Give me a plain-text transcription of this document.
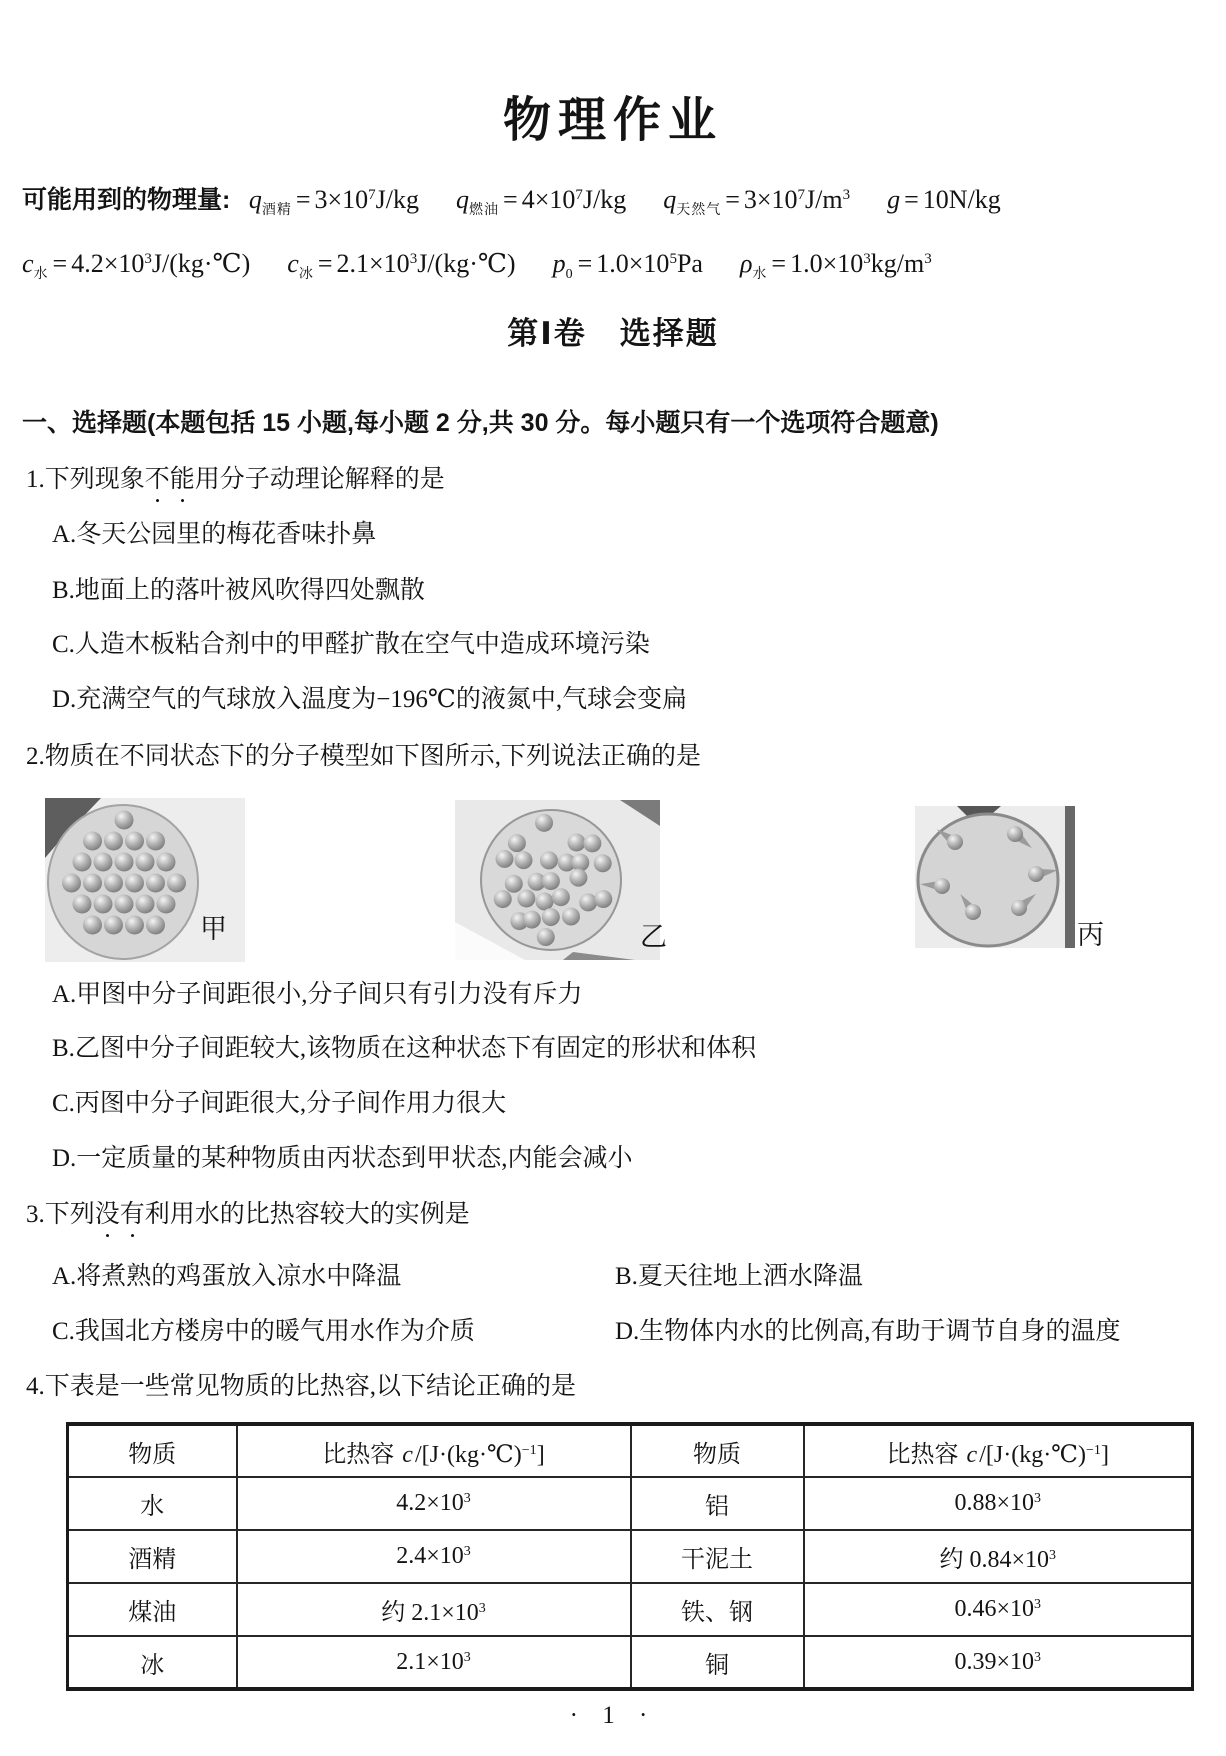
物理作业
可能用到的物理量: $q_{酒精} = 3\times 10^7J/kg$ $q_{燃油} = 4\times 10^7J/kg$ $q_{天然气} = 3\times 10^7J/m^3$ g = 10N/kg
$c_水$ = $4.2\times 10^3J/(kg\cdot℃) c_冰$ = $2.1\times 10^3J/(kg\cdot℃) p_0 = 1.0\times 10^5Pa$ $\rho_水 = 1.0\times 10^3kg/m^3$
第Ⅰ卷　选择题
一、选择题(本题包括 15 小题,每小题 2 分,共 30 分。每小题只有一个选项符合题意)
1.下列现象不能用分子动理论解释的是
2.物质在不同状态下的分子模型如下图所示,下列说法正确的是
3.下列没有利用水的比热容较大的实例是
4.下表是一些常见物质的比热容,以下结论正确的是
· 1 ·
A.冬天公园里的梅花香味扑鼻
B.地面上的落叶被风吹得四处飘散
C.人造木板粘合剂中的甲醛扩散在空气中造成环境污染
D.充满空气的气球放入温度为−196℃的液氮中,气球会变扁
A.甲图中分子间距很小,分子间只有引力没有斥力
B.乙图中分子间距较大,该物质在这种状态下有固定的形状和体积
C.丙图中分子间距很大,分子间作用力很大
D.一定质量的某种物质由丙状态到甲状态,内能会减小
A.将煮熟的鸡蛋放入凉水中降温	B.夏天往地上洒水降温
C.我国北方楼房中的暖气用水作为介质	D.生物体内水的比例高,有助于调节自身的温度
甲	乙	丙
物质	比热容 c/[J·(kg·℃)$^{-1}$]	物质	比热容 c/[J·(kg·℃)$^{-1}$]
水	$4.2\times 10^3$	铝	$0.88\times 10^3$
酒精	$2.4\times 10^3$	干泥土	约 $0.84\times 10^3$
煤油	约 $2.1\times 10^3$	铁、钢	$0.46\times 10^3$
冰	$2.1\times 10^3$	铜	$0.39\times 10^3$
